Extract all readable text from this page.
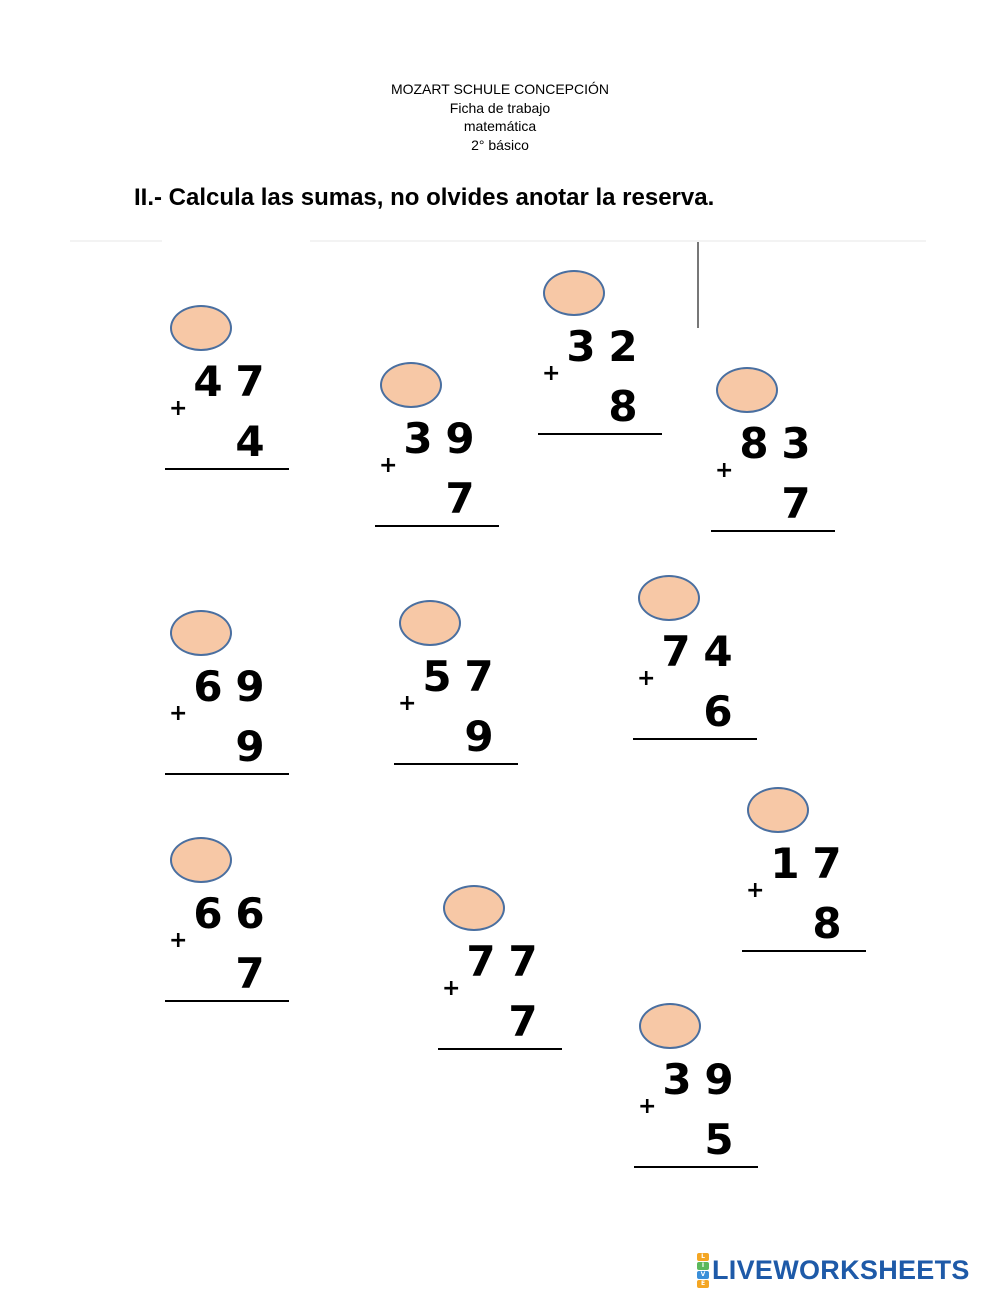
MOZART SCHULE CONCEPCIÓN
Ficha de trabajo
matemática
2° básico
II.- Calcula las sumas, no olvides anotar la reserva.
4 7
+
4	3 9
+
7
3 2
+
8
8 3
+
7
6 9
+
9
5 7
+
9
7 4
+
6
1 7
+
8
6 6
+
7	7 7
+
7
3 9
+
5
L
I
V
E LIVEWORKSHEETS
